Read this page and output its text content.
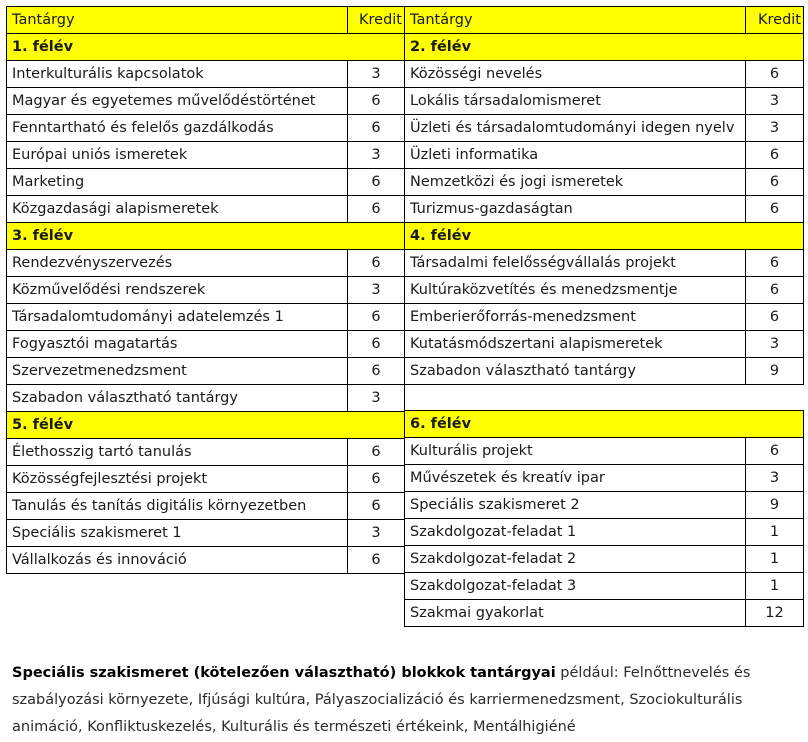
Tantárgy	Kredit
1. félév	
Interkulturális kapcsolatok	3
Magyar és egyetemes művelődéstörténet	6
Fenntartható és felelős gazdálkodás	6
Európai uniós ismeretek	3
Marketing	6
Közgazdasági alapismeretek	6
3. félév	
Rendezvényszervezés	6
Közművelődési rendszerek	3
Társadalomtudományi adatelemzés 1	6
Fogyasztói magatartás	6
Szervezetmenedzsment	6
Szabadon választható tantárgy	3
5. félév	
Élethosszig tartó tanulás	6
Közösségfejlesztési projekt	6
Tanulás és tanítás digitális környezetben	6
Speciális szakismeret 1	3
Vállalkozás és innováció	6
Tantárgy	Kredit
2. félév	
Közösségi nevelés	6
Lokális társadalomismeret	3
Üzleti és társadalomtudományi idegen nyelv	3
Üzleti informatika	6
Nemzetközi és jogi ismeretek	6
Turizmus-gazdaságtan	6
4. félév	
Társadalmi felelősségvállalás projekt	6
Kultúraközvetítés és menedzsmentje	6
Emberierőforrás-menedzsment	6
Kutatásmódszertani alapismeretek	3
Szabadon választható tantárgy	9

6. félév	
Kulturális projekt	6
Művészetek és kreatív ipar	3
Speciális szakismeret 2	9
Szakdolgozat-feladat 1	1
Szakdolgozat-feladat 2	1
Szakdolgozat-feladat 3	1
Szakmai gyakorlat	12
Speciális szakismeret (kötelezően választható) blokkok tantárgyai például: Felnőttnevelés és szabályozási környezete, Ifjúsági kultúra, Pályaszocializáció és karriermenedzsment, Szociokulturális animáció, Konfliktuskezelés, Kulturális és természeti értékeink, Mentálhigiéné
